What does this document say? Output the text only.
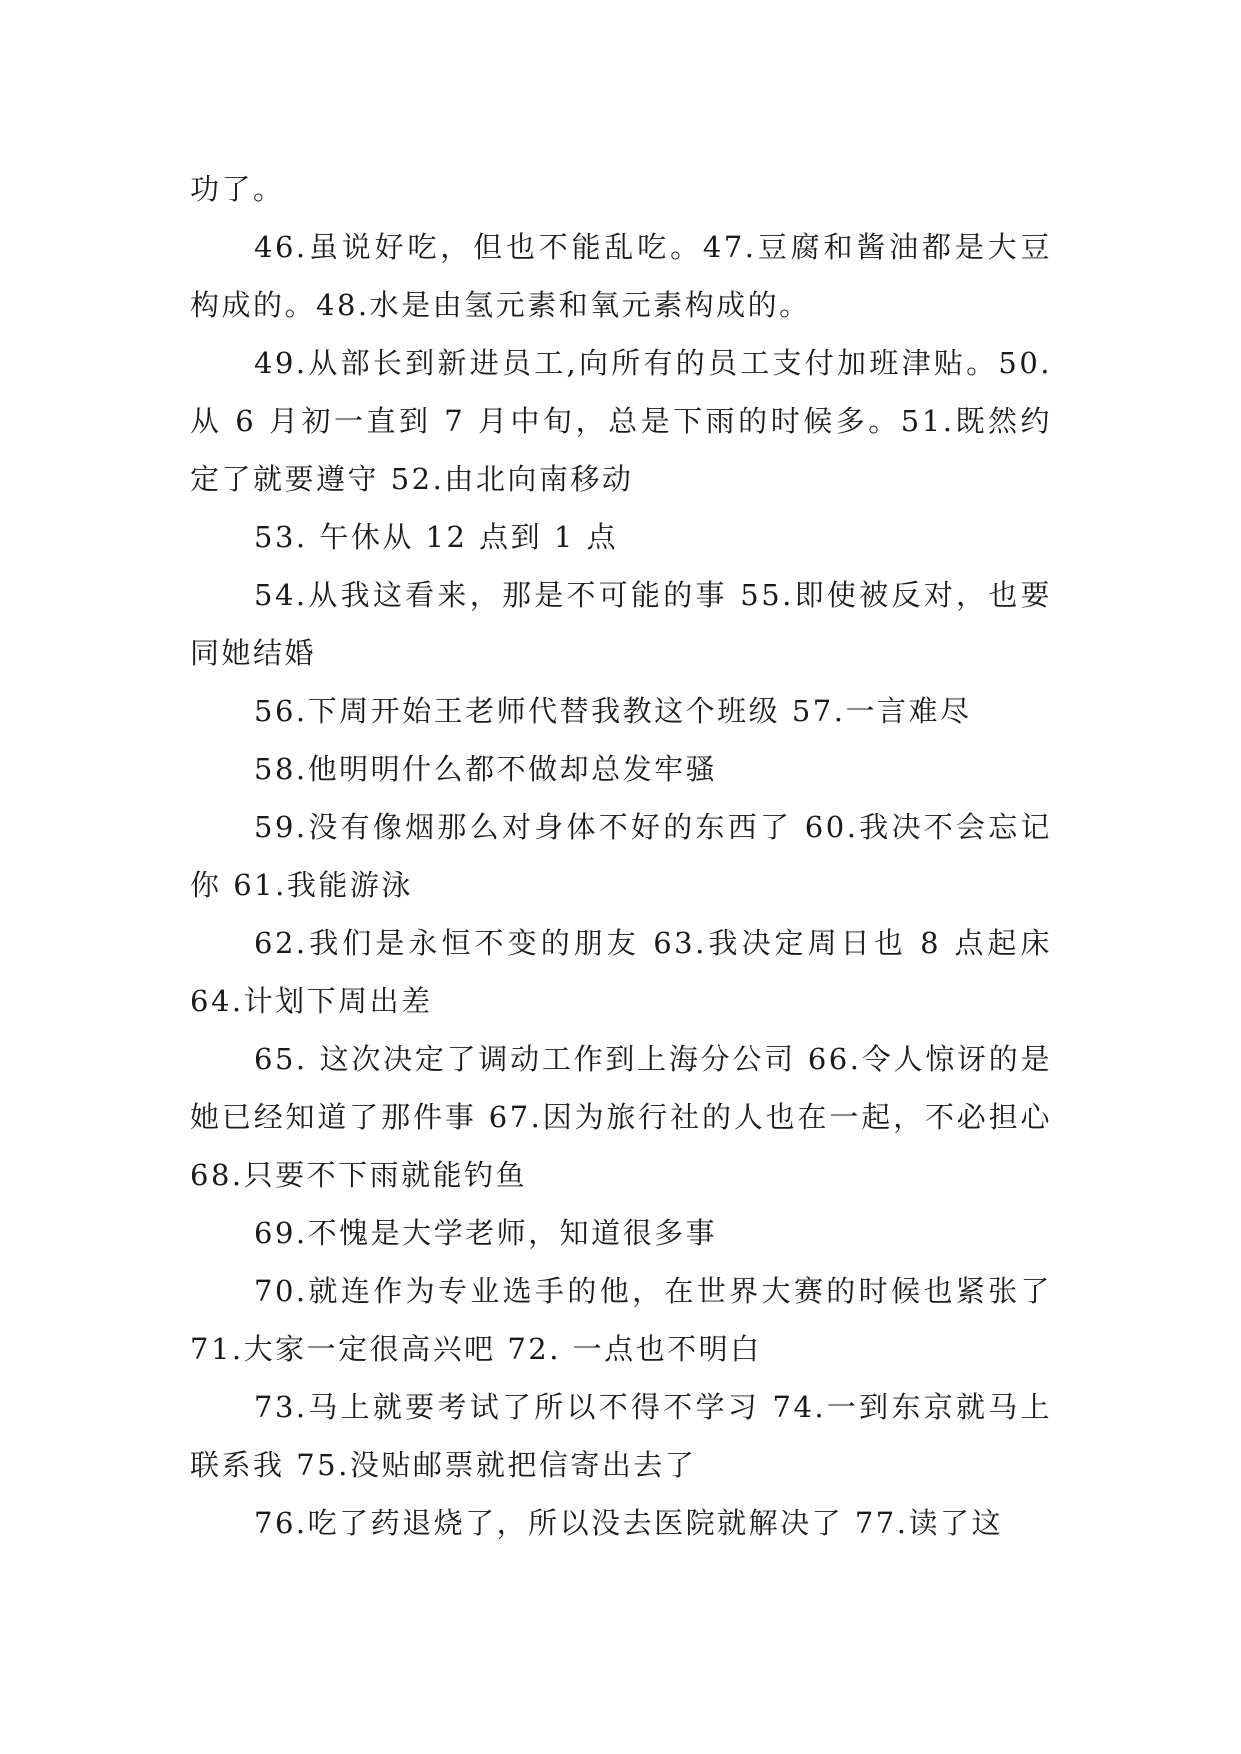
功了。

46.虽说好吃，但也不能乱吃。47.豆腐和酱油都是大豆构成的。48.水是由氢元素和氧元素构成的。

49.从部长到新进员工,向所有的员工支付加班津贴。50.从 6 月初一直到 7 月中旬，总是下雨的时候多。51.既然约定了就要遵守 52.由北向南移动

53. 午休从 12 点到 1 点

54.从我这看来，那是不可能的事 55.即使被反对，也要同她结婚

56.下周开始王老师代替我教这个班级 57.一言难尽

58.他明明什么都不做却总发牢骚

59.没有像烟那么对身体不好的东西了 60.我决不会忘记你 61.我能游泳

62.我们是永恒不变的朋友 63.我决定周日也 8 点起床 64.计划下周出差

65. 这次决定了调动工作到上海分公司 66.令人惊讶的是她已经知道了那件事 67.因为旅行社的人也在一起，不必担心 68.只要不下雨就能钓鱼

69.不愧是大学老师，知道很多事

70.就连作为专业选手的他，在世界大赛的时候也紧张了 71.大家一定很高兴吧 72. 一点也不明白

73.马上就要考试了所以不得不学习 74.一到东京就马上联系我 75.没贴邮票就把信寄出去了

76.吃了药退烧了，所以没去医院就解决了 77.读了这
